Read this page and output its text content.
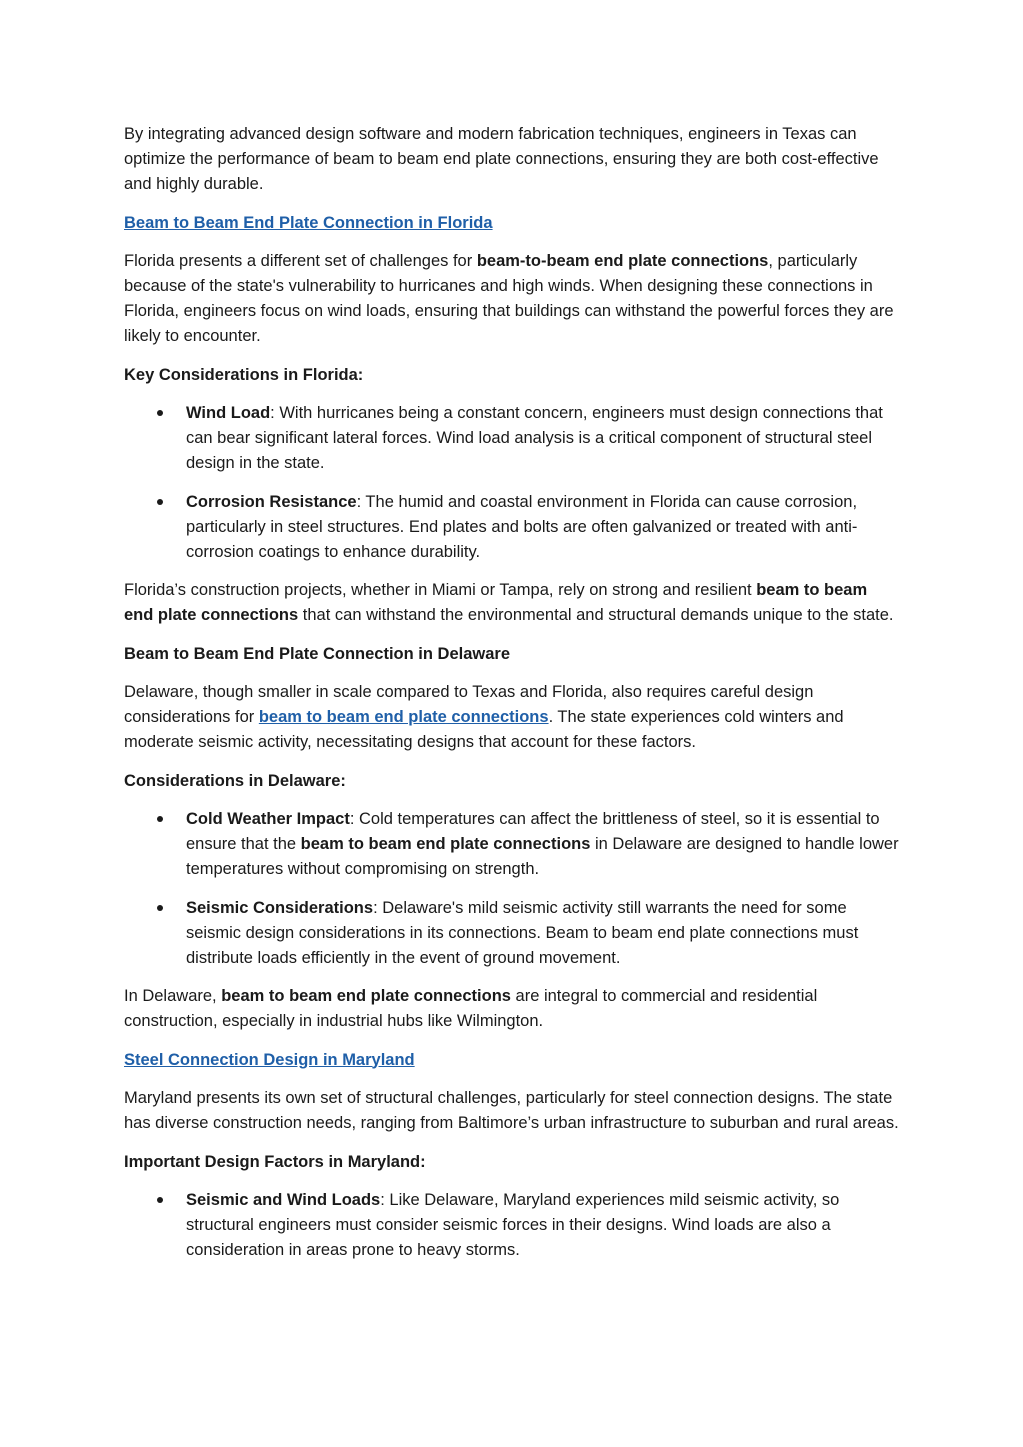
By integrating advanced design software and modern fabrication techniques, engineers in Texas can optimize the performance of beam to beam end plate connections, ensuring they are both cost-effective and highly durable.

Beam to Beam End Plate Connection in Florida

Florida presents a different set of challenges for beam-to-beam end plate connections, particularly because of the state's vulnerability to hurricanes and high winds. When designing these connections in Florida, engineers focus on wind loads, ensuring that buildings can withstand the powerful forces they are likely to encounter.

Key Considerations in Florida:

Wind Load: With hurricanes being a constant concern, engineers must design connections that can bear significant lateral forces. Wind load analysis is a critical component of structural steel design in the state.
Corrosion Resistance: The humid and coastal environment in Florida can cause corrosion, particularly in steel structures. End plates and bolts are often galvanized or treated with anti-corrosion coatings to enhance durability.

Florida’s construction projects, whether in Miami or Tampa, rely on strong and resilient beam to beam end plate connections that can withstand the environmental and structural demands unique to the state.

Beam to Beam End Plate Connection in Delaware

Delaware, though smaller in scale compared to Texas and Florida, also requires careful design considerations for beam to beam end plate connections. The state experiences cold winters and moderate seismic activity, necessitating designs that account for these factors.

Considerations in Delaware:

Cold Weather Impact: Cold temperatures can affect the brittleness of steel, so it is essential to ensure that the beam to beam end plate connections in Delaware are designed to handle lower temperatures without compromising on strength.
Seismic Considerations: Delaware's mild seismic activity still warrants the need for some seismic design considerations in its connections. Beam to beam end plate connections must distribute loads efficiently in the event of ground movement.

In Delaware, beam to beam end plate connections are integral to commercial and residential construction, especially in industrial hubs like Wilmington.

Steel Connection Design in Maryland

Maryland presents its own set of structural challenges, particularly for steel connection designs. The state has diverse construction needs, ranging from Baltimore’s urban infrastructure to suburban and rural areas.

Important Design Factors in Maryland:

Seismic and Wind Loads: Like Delaware, Maryland experiences mild seismic activity, so structural engineers must consider seismic forces in their designs. Wind loads are also a consideration in areas prone to heavy storms.
